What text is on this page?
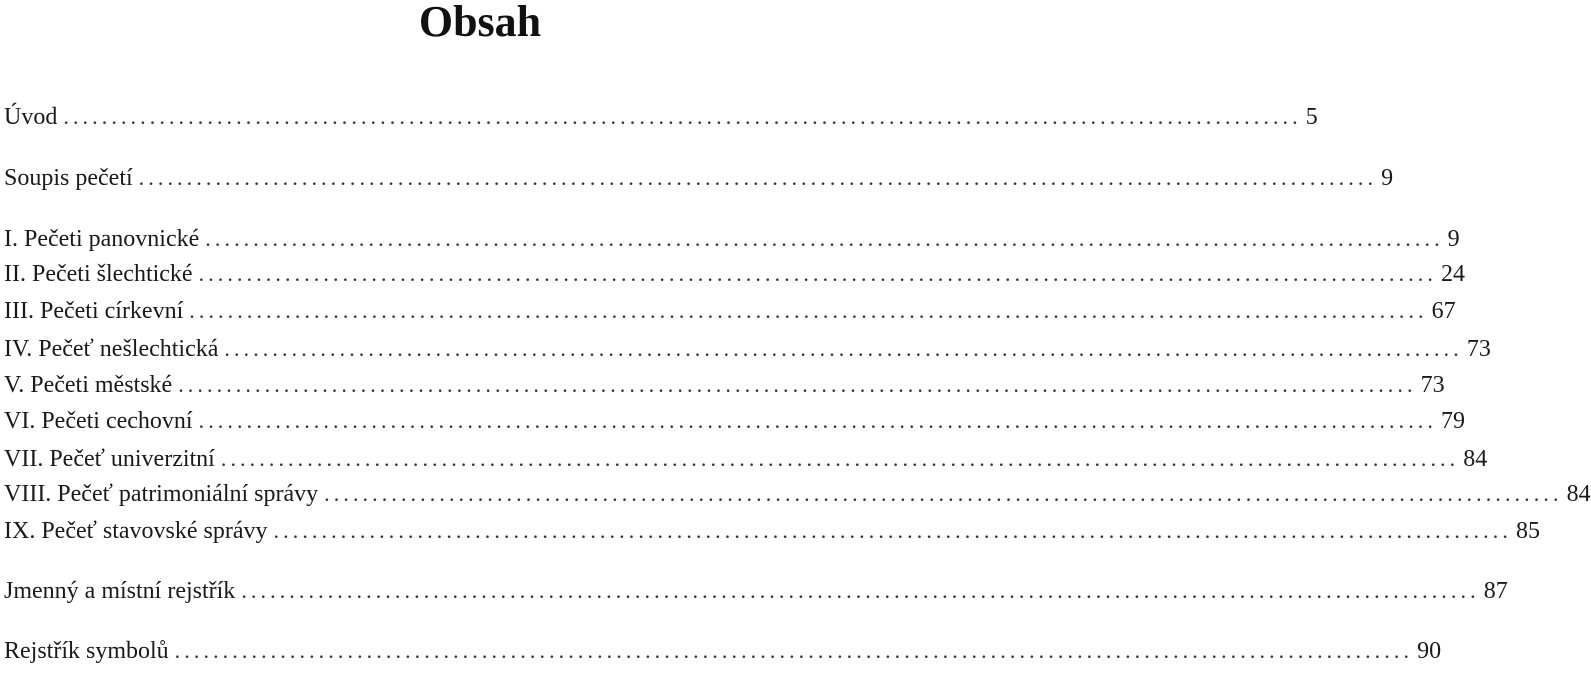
Obsah
Úvod ................................................................................................................................. 5
Soupis pečetí ................................................................................................................................. 9
I. Pečeti panovnické ................................................................................................................................. 9
II. Pečeti šlechtické ................................................................................................................................. 24
III. Pečeti církevní ................................................................................................................................. 67
IV. Pečeť nešlechtická ................................................................................................................................. 73
V. Pečeti městské ................................................................................................................................. 73
VI. Pečeti cechovní ................................................................................................................................. 79
VII. Pečeť univerzitní ................................................................................................................................. 84
VIII. Pečeť patrimoniální správy ................................................................................................................................. 84
IX. Pečeť stavovské správy ................................................................................................................................. 85
Jmenný a místní rejstřík ................................................................................................................................. 87
Rejstřík symbolů ................................................................................................................................. 90
